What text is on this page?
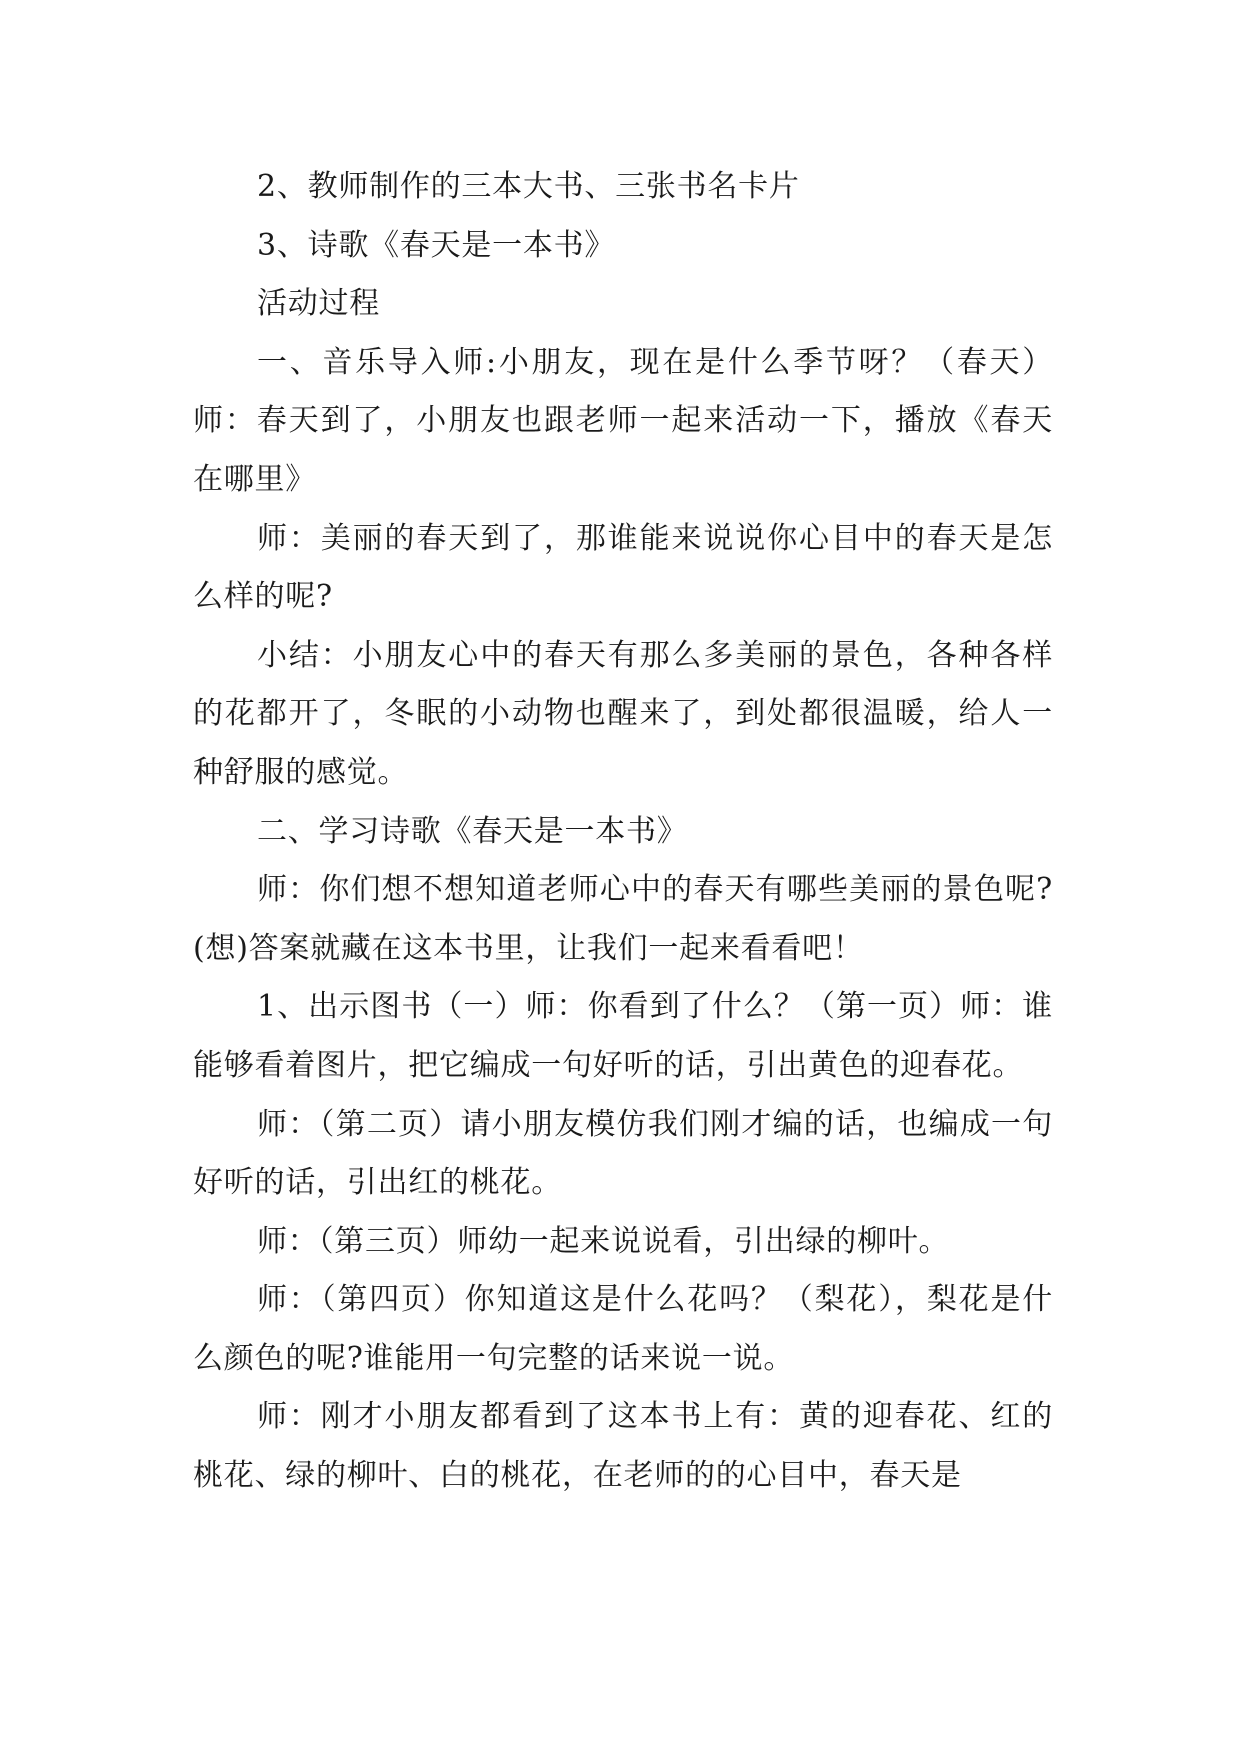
2、教师制作的三本大书、三张书名卡片

3、诗歌《春天是一本书》

活动过程

一、音乐导入师:小朋友，现在是什么季节呀？（春天）师：春天到了，小朋友也跟老师一起来活动一下，播放《春天在哪里》

师：美丽的春天到了，那谁能来说说你心目中的春天是怎么样的呢?

小结：小朋友心中的春天有那么多美丽的景色，各种各样的花都开了，冬眠的小动物也醒来了，到处都很温暖，给人一种舒服的感觉。

二、学习诗歌《春天是一本书》

师：你们想不想知道老师心中的春天有哪些美丽的景色呢?(想)答案就藏在这本书里，让我们一起来看看吧！

1、出示图书（一）师：你看到了什么？（第一页）师：谁能够看着图片，把它编成一句好听的话，引出黄色的迎春花。

师：（第二页）请小朋友模仿我们刚才编的话，也编成一句好听的话，引出红的桃花。

师：（第三页）师幼一起来说说看，引出绿的柳叶。

师：（第四页）你知道这是什么花吗？（梨花），梨花是什么颜色的呢?谁能用一句完整的话来说一说。

师：刚才小朋友都看到了这本书上有：黄的迎春花、红的桃花、绿的柳叶、白的桃花，在老师的的心目中，春天是
